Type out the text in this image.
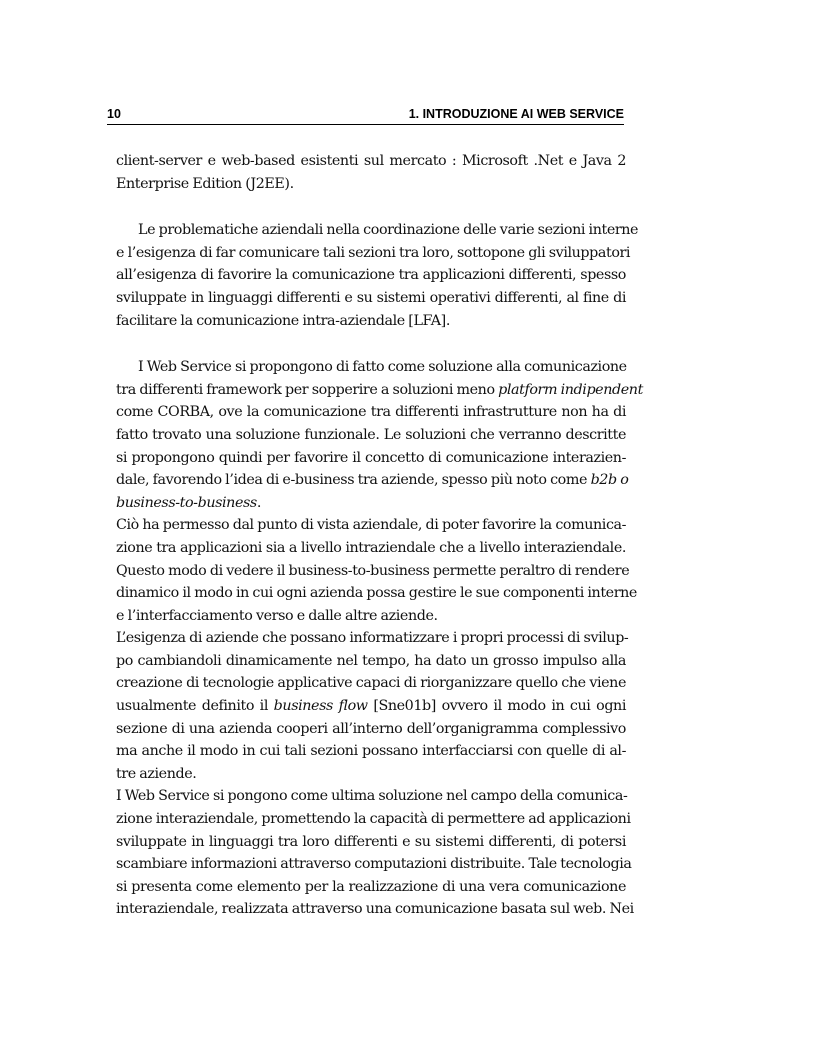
10	1. INTRODUZIONE AI WEB SERVICE
client-server e web-based esistenti sul mercato : Microsoft .Net e Java 2
Enterprise Edition (J2EE).
Le problematiche aziendali nella coordinazione delle varie sezioni interne
e l’esigenza di far comunicare tali sezioni tra loro, sottopone gli sviluppatori
all’esigenza di favorire la comunicazione tra applicazioni differenti, spesso
sviluppate in linguaggi differenti e su sistemi operativi differenti, al fine di
facilitare la comunicazione intra-aziendale [LFA].
I Web Service si propongono di fatto come soluzione alla comunicazione
tra differenti framework per sopperire a soluzioni meno platform indipendent
come CORBA, ove la comunicazione tra differenti infrastrutture non ha di
fatto trovato una soluzione funzionale. Le soluzioni che verranno descritte
si propongono quindi per favorire il concetto di comunicazione interazien-
dale, favorendo l’idea di e-business tra aziende, spesso più noto come b2b o
business-to-business.
Ciò ha permesso dal punto di vista aziendale, di poter favorire la comunica-
zione tra applicazioni sia a livello intraziendale che a livello interaziendale.
Questo modo di vedere il business-to-business permette peraltro di rendere
dinamico il modo in cui ogni azienda possa gestire le sue componenti interne
e l’interfacciamento verso e dalle altre aziende.
L’esigenza di aziende che possano informatizzare i propri processi di svilup-
po cambiandoli dinamicamente nel tempo, ha dato un grosso impulso alla
creazione di tecnologie applicative capaci di riorganizzare quello che viene
usualmente definito il business flow [Sne01b] ovvero il modo in cui ogni
sezione di una azienda cooperi all’interno dell’organigramma complessivo
ma anche il modo in cui tali sezioni possano interfacciarsi con quelle di al-
tre aziende.
I Web Service si pongono come ultima soluzione nel campo della comunica-
zione interaziendale, promettendo la capacità di permettere ad applicazioni
sviluppate in linguaggi tra loro differenti e su sistemi differenti, di potersi
scambiare informazioni attraverso computazioni distribuite. Tale tecnologia
si presenta come elemento per la realizzazione di una vera comunicazione
interaziendale, realizzata attraverso una comunicazione basata sul web. Nei
